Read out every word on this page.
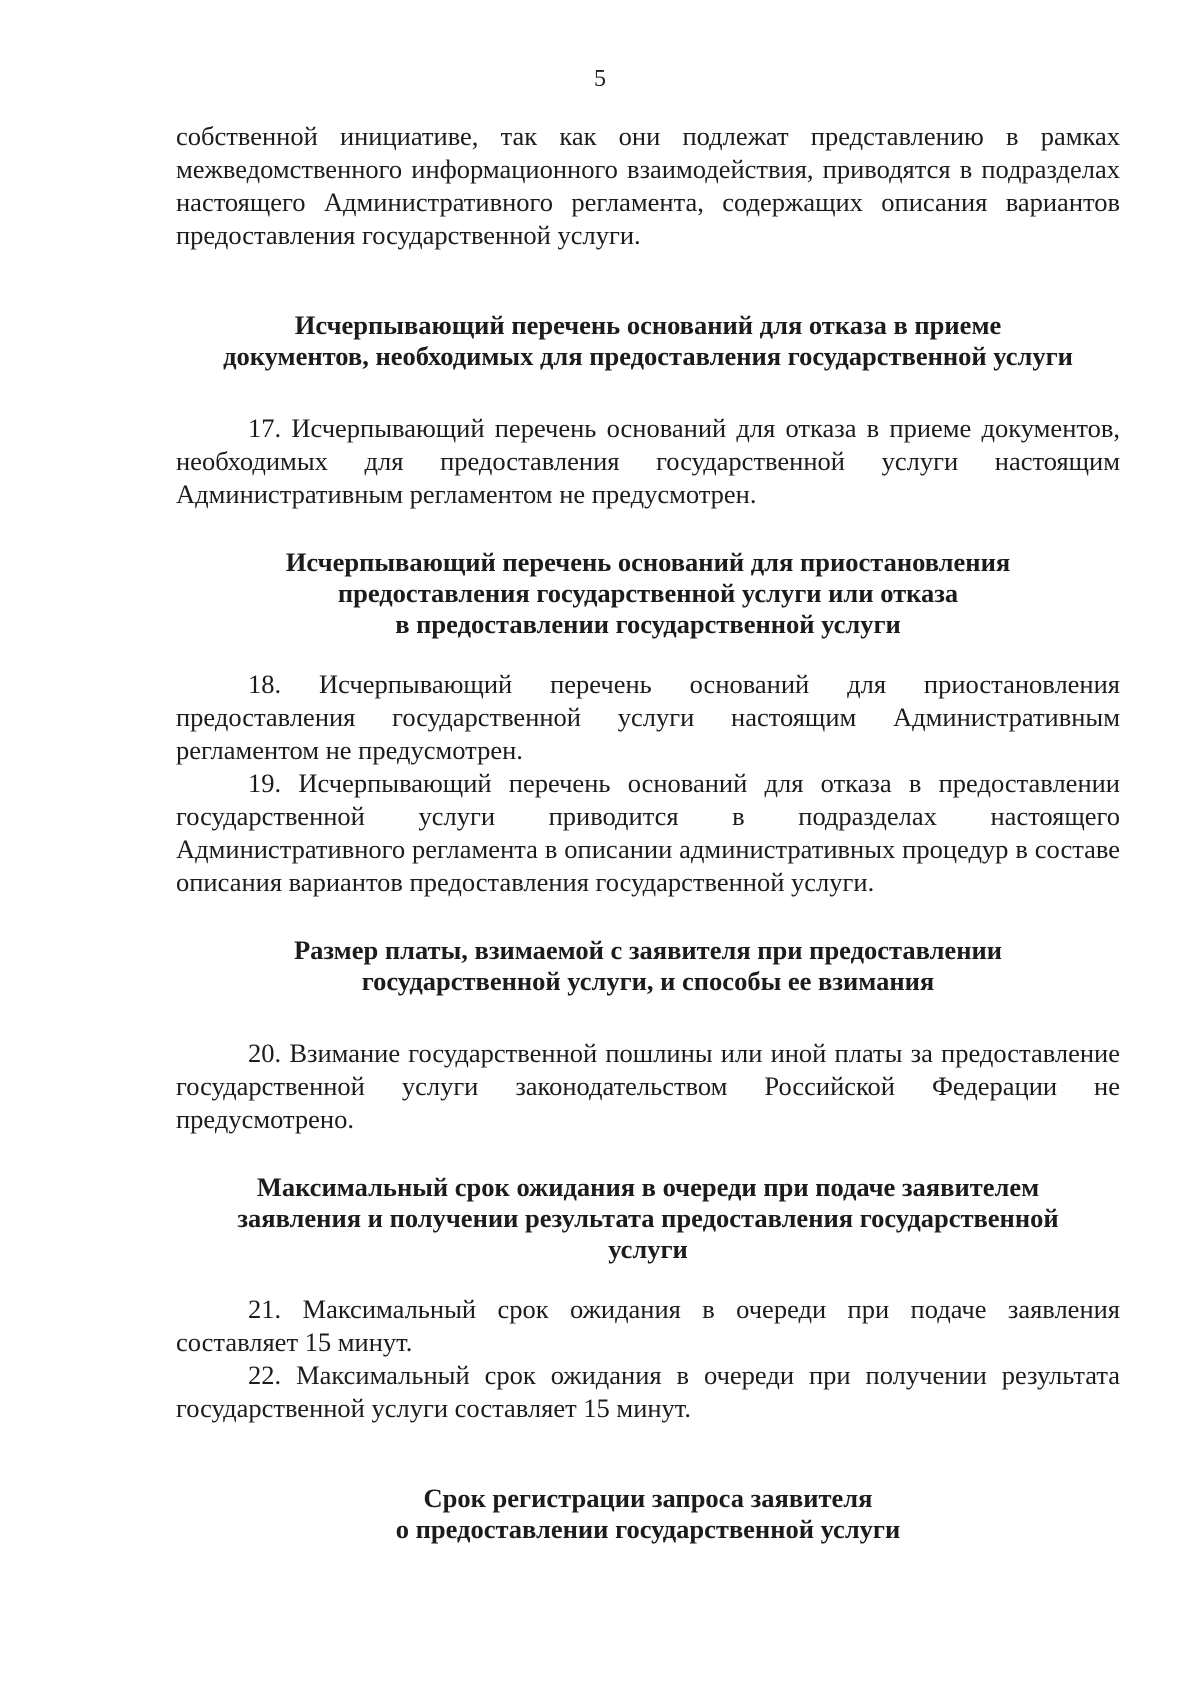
5

собственной инициативе, так как они подлежат представлению в рамках межведомственного информационного взаимодействия, приводятся в подразделах настоящего Административного регламента, содержащих описания вариантов предоставления государственной услуги.

Исчерпывающий перечень оснований для отказа в приеме

документов, необходимых для предоставления государственной услуги

17. Исчерпывающий перечень оснований для отказа в приеме документов, необходимых для предоставления государственной услуги настоящим Административным регламентом не предусмотрен.

Исчерпывающий перечень оснований для приостановления

предоставления государственной услуги или отказа

в предоставлении государственной услуги

18. Исчерпывающий перечень оснований для приостановления предоставления государственной услуги настоящим Административным регламентом не предусмотрен.

19. Исчерпывающий перечень оснований для отказа в предоставлении государственной услуги приводится в подразделах настоящего Административного регламента в описании административных процедур в составе описания вариантов предоставления государственной услуги.

Размер платы, взимаемой с заявителя при предоставлении

государственной услуги, и способы ее взимания

20. Взимание государственной пошлины или иной платы за предоставление государственной услуги законодательством Российской Федерации не предусмотрено.

Максимальный срок ожидания в очереди при подаче заявителем

заявления и получении результата предоставления государственной

услуги

21. Максимальный срок ожидания в очереди при подаче заявления составляет 15 минут.

22. Максимальный срок ожидания в очереди при получении результата государственной услуги составляет 15 минут.

Срок регистрации запроса заявителя

о предоставлении государственной услуги
